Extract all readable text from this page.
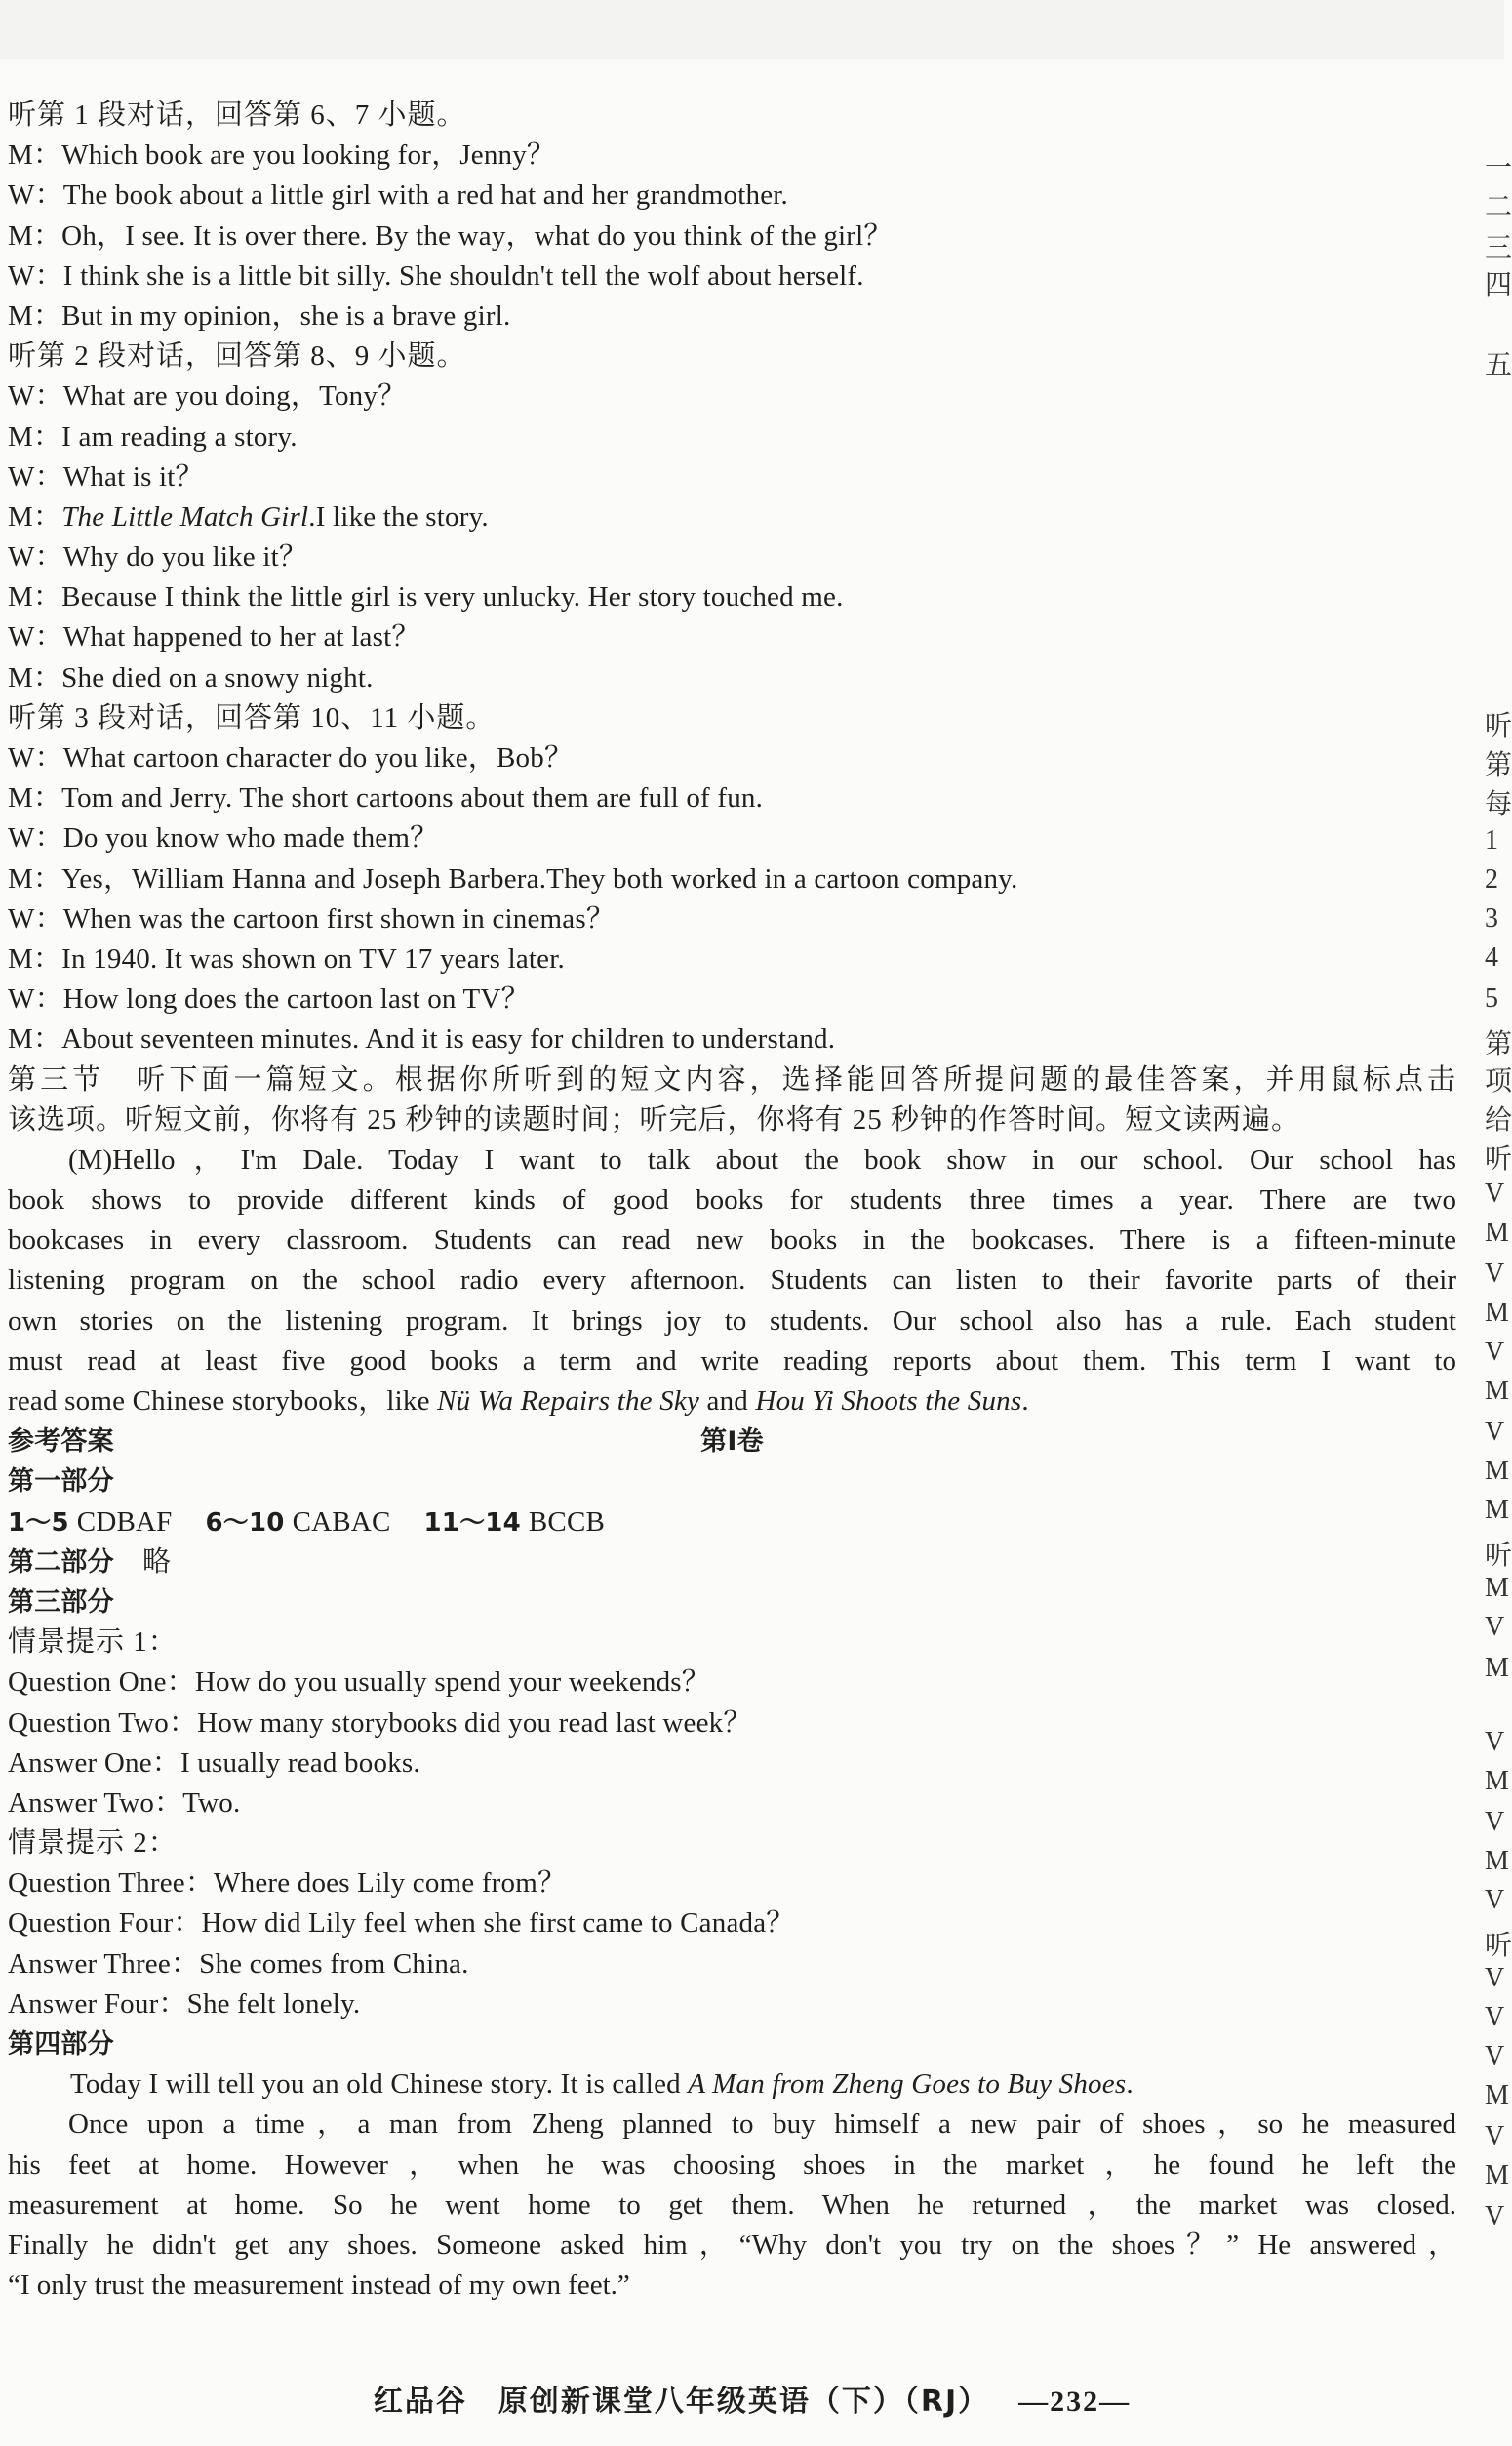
听第 1 段对话，回答第 6、7 小题。
M：Which book are you looking for，Jenny？
W：The book about a little girl with a red hat and her grandmother.
M：Oh，I see. It is over there. By the way，what do you think of the girl？
W：I think she is a little bit silly. She shouldn't tell the wolf about herself.
M：But in my opinion，she is a brave girl.
听第 2 段对话，回答第 8、9 小题。
W：What are you doing，Tony？
M：I am reading a story.
W：What is it？
M：The Little Match Girl.I like the story.
W：Why do you like it？
M：Because I think the little girl is very unlucky. Her story touched me.
W：What happened to her at last？
M：She died on a snowy night.
听第 3 段对话，回答第 10、11 小题。
W：What cartoon character do you like，Bob？
M：Tom and Jerry. The short cartoons about them are full of fun.
W：Do you know who made them？
M：Yes，William Hanna and Joseph Barbera.They both worked in a cartoon company.
W：When was the cartoon first shown in cinemas？
M：In 1940. It was shown on TV 17 years later.
W：How long does the cartoon last on TV？
M：About seventeen minutes. And it is easy for children to understand.
第三节　听下面一篇短文。根据你所听到的短文内容，选择能回答所提问题的最佳答案，并用鼠标点击
该选项。听短文前，你将有 25 秒钟的读题时间；听完后，你将有 25 秒钟的作答时间。短文读两遍。
(M)Hello，I'm Dale. Today I want to talk about the book show in our school. Our school has
book shows to provide different kinds of good books for students three times a year. There are two
bookcases in every classroom. Students can read new books in the bookcases. There is a fifteen-minute
listening program on the school radio every afternoon. Students can listen to their favorite parts of their
own stories on the listening program. It brings joy to students. Our school also has a rule. Each student
must read at least five good books a term and write reading reports about them. This term I want to
read some Chinese storybooks，like Nü Wa Repairs the Sky and Hou Yi Shoots the Suns.
参考答案	第Ⅰ卷
第一部分
1～5 CDBAF 6～10 CABAC 11～14 BCCB
第二部分　 略
第三部分
情景提示 1：
Question One：How do you usually spend your weekends？
Question Two：How many storybooks did you read last week？
Answer One：I usually read books.
Answer Two：Two.
情景提示 2：
Question Three：Where does Lily come from？
Question Four：How did Lily feel when she first came to Canada？
Answer Three：She comes from China.
Answer Four：She felt lonely.
第四部分
Today I will tell you an old Chinese story. It is called A Man from Zheng Goes to Buy Shoes.
Once upon a time，a man from Zheng planned to buy himself a new pair of shoes，so he measured
his feet at home. However，when he was choosing shoes in the market，he found he left the
measurement at home. So he went home to get them. When he returned，the market was closed.
Finally he didn't get any shoes. Someone asked him，“Why don't you try on the shoes？” He answered，
“I only trust the measurement instead of my own feet.”
红品谷　原创新课堂八年级英语（下）（RJ） —232—
一
二
三
四
五
听
第
每
1
2
3
4
5
第
项
给
听
V
M
V
M
V
M
V
M
M
听
M
V
M
V
M
V
M
V
听
V
V
V
M
V
M
V
